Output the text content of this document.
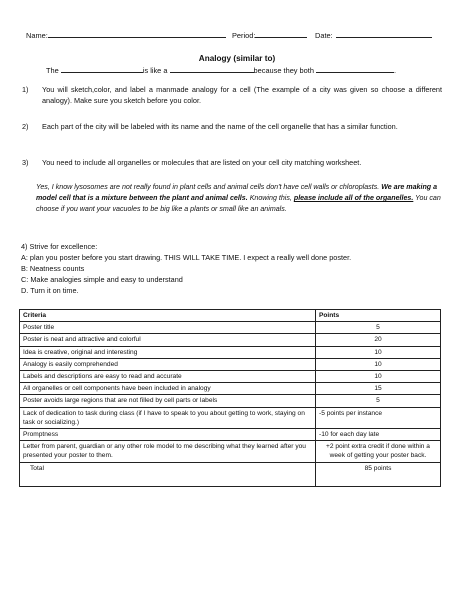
Name:	Period:	Date:
Analogy (similar to)
The	is like a	because they both	.
1) You will sketch,color, and label a manmade analogy for a cell (The example of a city was given so choose a different analogy). Make sure you sketch before you color.
2) Each part of the city will be labeled with its name and the name of the cell organelle that has a similar function.
3) You need to include all organelles or molecules that are listed on your cell city matching worksheet.
Yes, I know lysosomes are not really found in plant cells and animal cells don't have cell walls or chloroplasts. We are making a model cell that is a mixture between the plant and animal cells. Knowing this, please include all of the organelles. You can choose if you want your vacuoles to be big like a plants or small like an animals.
4) Strive for excellence:
A: plan you poster before you start drawing. THIS WILL TAKE TIME. I expect a really well done poster.
B: Neatness counts
C: Make analogies simple and easy to understand
D. Turn it on time.
Criteria	Points
Poster title	5
Poster is neat and attractive and colorful	20
Idea is creative, original and interesting	10
Analogy is easily comprehended	10
Labels and descriptions are easy to read and accurate	10
All organelles or cell components have been included in analogy	15
Poster avoids large regions that are not filled by cell parts or labels	5
Lack of dedication to task during class (if I have to speak to you about getting to work, staying on task or socializing.)	-5 points per instance
Promptness	-10 for each day late
Letter from parent, guardian or any other role model to me describing what they learned after you presented your poster to them.	+2 point extra credit if done within a week of getting your poster back.
Total	85 points
